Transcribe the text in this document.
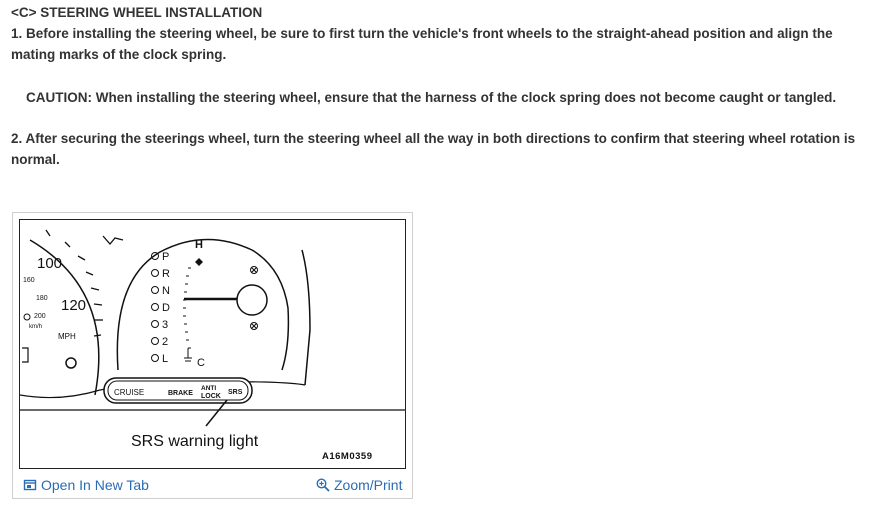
<C> STEERING WHEEL INSTALLATION

1. Before installing the steering wheel, be sure to first turn the vehicle's front wheels to the straight-ahead position and align the mating marks of the clock spring.

CAUTION: When installing the steering wheel, ensure that the harness of the clock spring does not become caught or tangled.

2. After securing the steerings wheel, turn the steering wheel all the way in both directions to confirm that steering wheel rotation is normal.

100
120
160
180
200
km/h
MPH
P
R
N
D
3
2
L
H
C
CRUISE	BRAKE
ANTI
LOCK
SRS
SRS warning light
A16M0359
Open In New Tab	Zoom/Print
